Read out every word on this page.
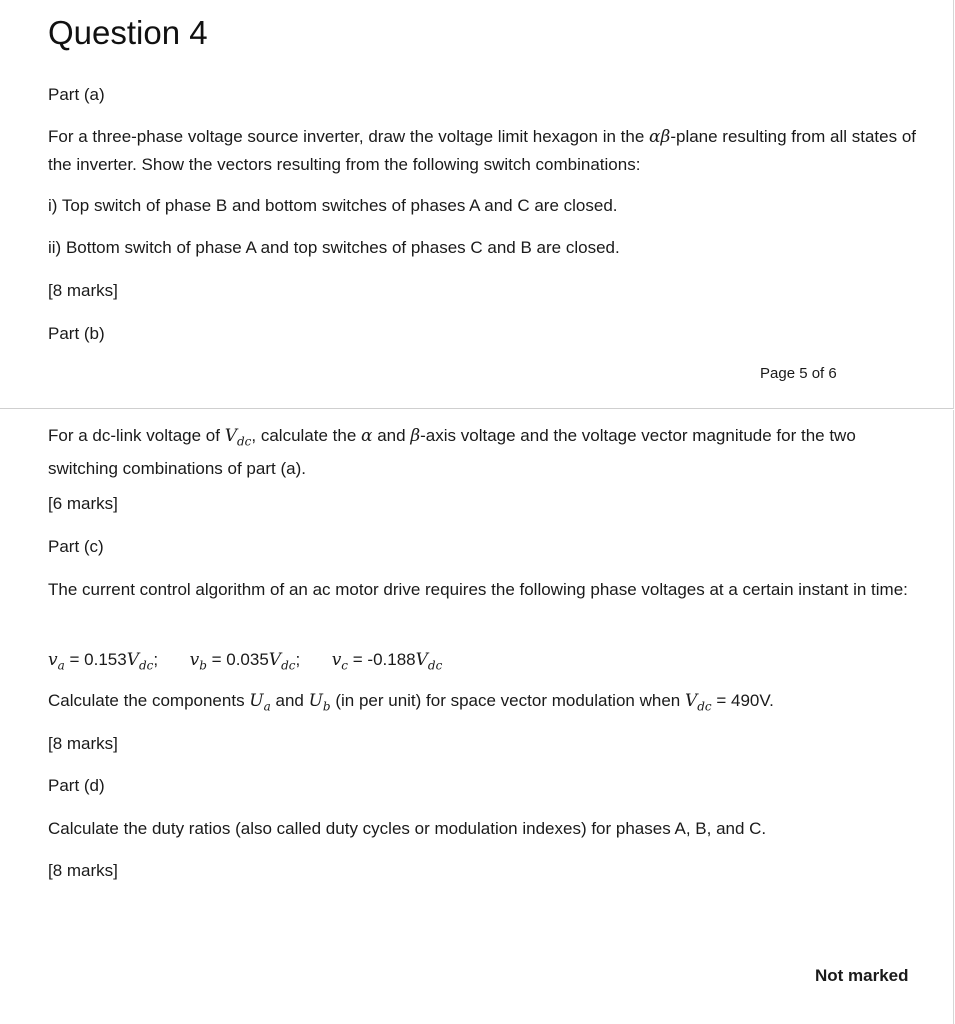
Question 4

Part (a)

For a three-phase voltage source inverter, draw the voltage limit hexagon in the αβ-plane resulting from all states of the inverter. Show the vectors resulting from the following switch combinations:

i) Top switch of phase B and bottom switches of phases A and C are closed.

ii) Bottom switch of phase A and top switches of phases C and B are closed.

[8 marks]

Part (b)

Page 5 of 6

For a dc-link voltage of $V_{dc}$, calculate the α and β-axis voltage and the voltage vector magnitude for the two switching combinations of part (a).

[6 marks]

Part (c)

The current control algorithm of an ac motor drive requires the following phase voltages at a certain instant in time:

$v_a = 0.153V_{dc}$; $v_b = 0.035V_{dc}$; $v_c = -0.188V_{dc}$

Calculate the components $U_a$ and $U_b$ (in per unit) for space vector modulation when $V_{dc} = 490V$.

[8 marks]

Part (d)

Calculate the duty ratios (also called duty cycles or modulation indexes) for phases A, B, and C.

[8 marks]

Not marked
